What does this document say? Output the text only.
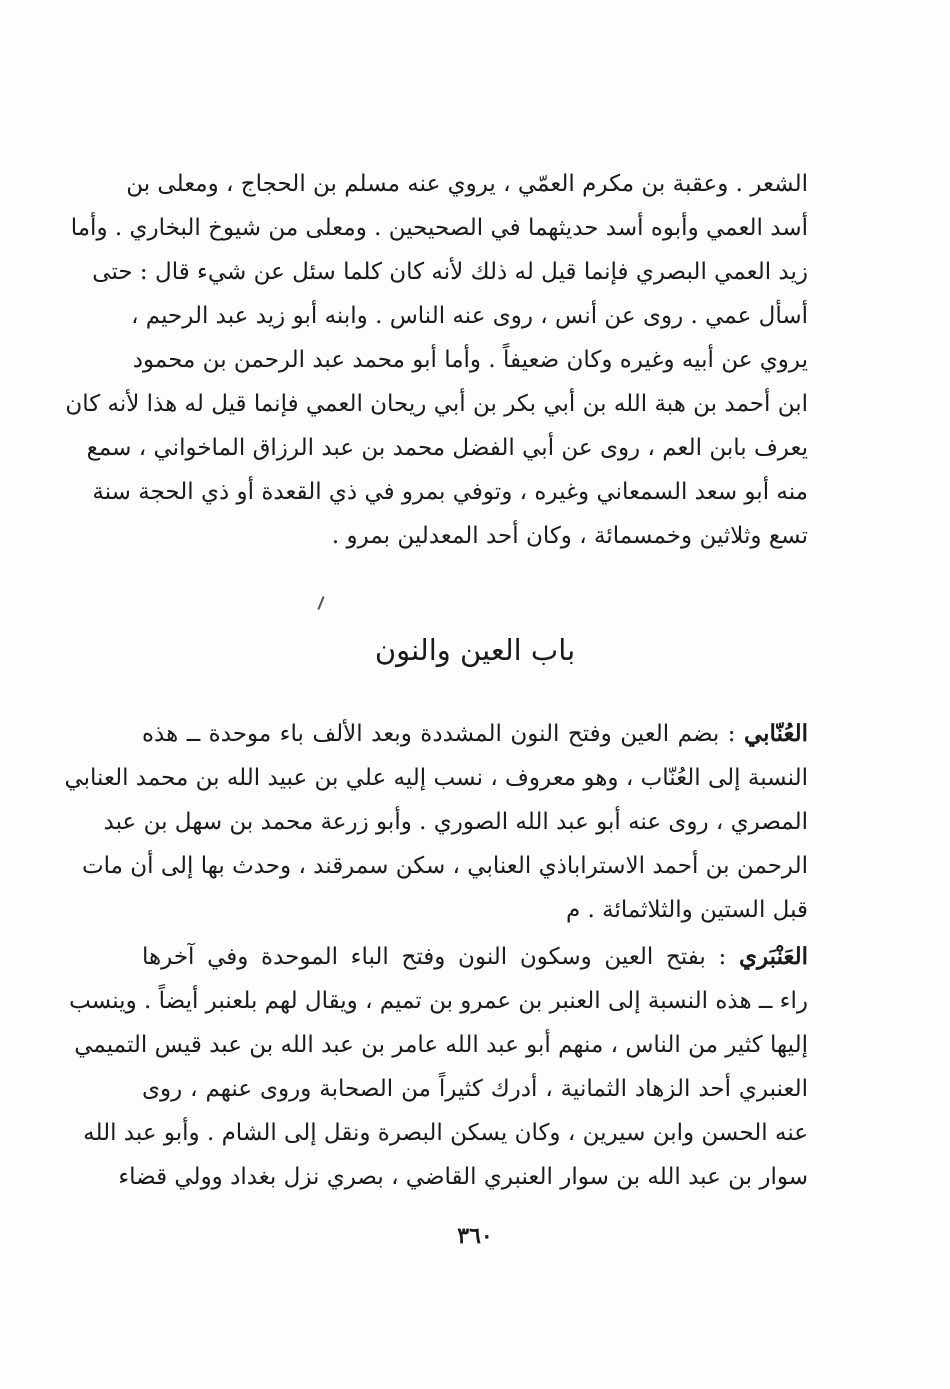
الشعر . وعقبة بن مكرم العمّي ، يروي عنه مسلم بن الحجاج ، ومعلى بن
أسد العمي وأبوه أسد حديثهما في الصحيحين . ومعلى من شيوخ البخاري . وأما
زيد العمي البصري فإنما قيل له ذلك لأنه كان كلما سئل عن شيء قال : حتى
أسأل عمي . روى عن أنس ، روى عنه الناس . وابنه أبو زيد عبد الرحيم ،
يروي عن أبيه وغيره وكان ضعيفاً . وأما أبو محمد عبد الرحمن بن محمود
ابن أحمد بن هبة الله بن أبي بكر بن أبي ريحان العمي فإنما قيل له هذا لأنه كان
يعرف بابن العم ، روى عن أبي الفضل محمد بن عبد الرزاق الماخواني ، سمع
منه أبو سعد السمعاني وغيره ، وتوفي بمرو في ذي القعدة أو ذي الحجة سنة
تسع وثلاثين وخمسمائة ، وكان أحد المعدلين بمرو .
باب العين والنون
العُنّابي : بضم العين وفتح النون المشددة وبعد الألف باء موحدة ــ هذه
النسبة إلى العُنّاب ، وهو معروف ، نسب إليه علي بن عبيد الله بن محمد العنابي
المصري ، روى عنه أبو عبد الله الصوري . وأبو زرعة محمد بن سهل بن عبد
الرحمن بن أحمد الاستراباذي العنابي ، سكن سمرقند ، وحدث بها إلى أن مات
قبل الستين والثلاثمائة . م
العَنْبَري : بفتح العين وسكون النون وفتح الباء الموحدة وفي آخرها
راء ــ هذه النسبة إلى العنبر بن عمرو بن تميم ، ويقال لهم بلعنبر أيضاً . وينسب
إليها كثير من الناس ، منهم أبو عبد الله عامر بن عبد الله بن عبد قيس التميمي
العنبري أحد الزهاد الثمانية ، أدرك كثيراً من الصحابة وروى عنهم ، روى
عنه الحسن وابن سيرين ، وكان يسكن البصرة ونقل إلى الشام . وأبو عبد الله
سوار بن عبد الله بن سوار العنبري القاضي ، بصري نزل بغداد وولي قضاء
٣٦٠
